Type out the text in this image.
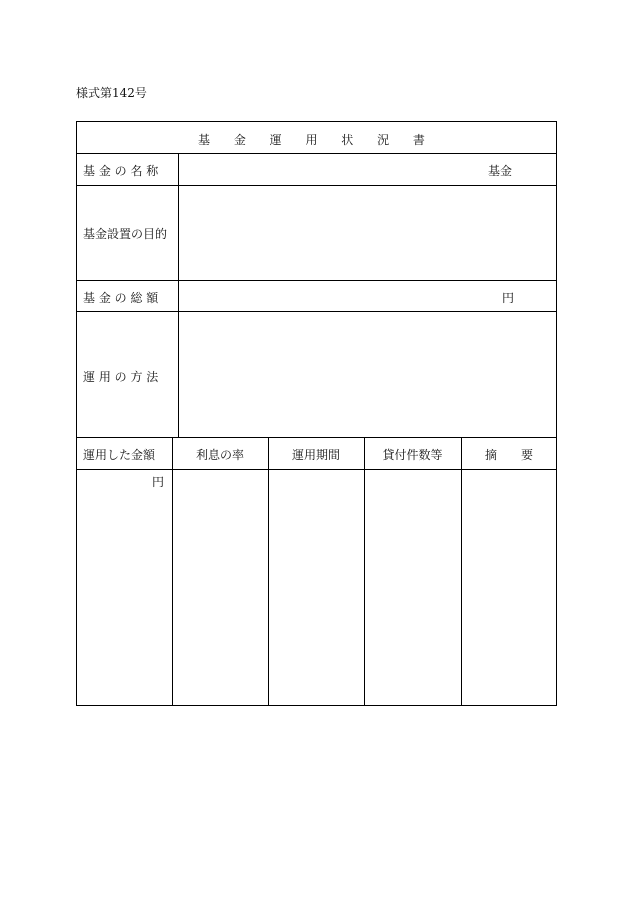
様式第142号
基 金 運 用 状 況 書
基 金 の 名 称	基金
基金設置の目的
基 金 の 総 額	円
運 用 の 方 法
運用した金額	利息の率	運用期間	貸付件数等	摘　　要
円
